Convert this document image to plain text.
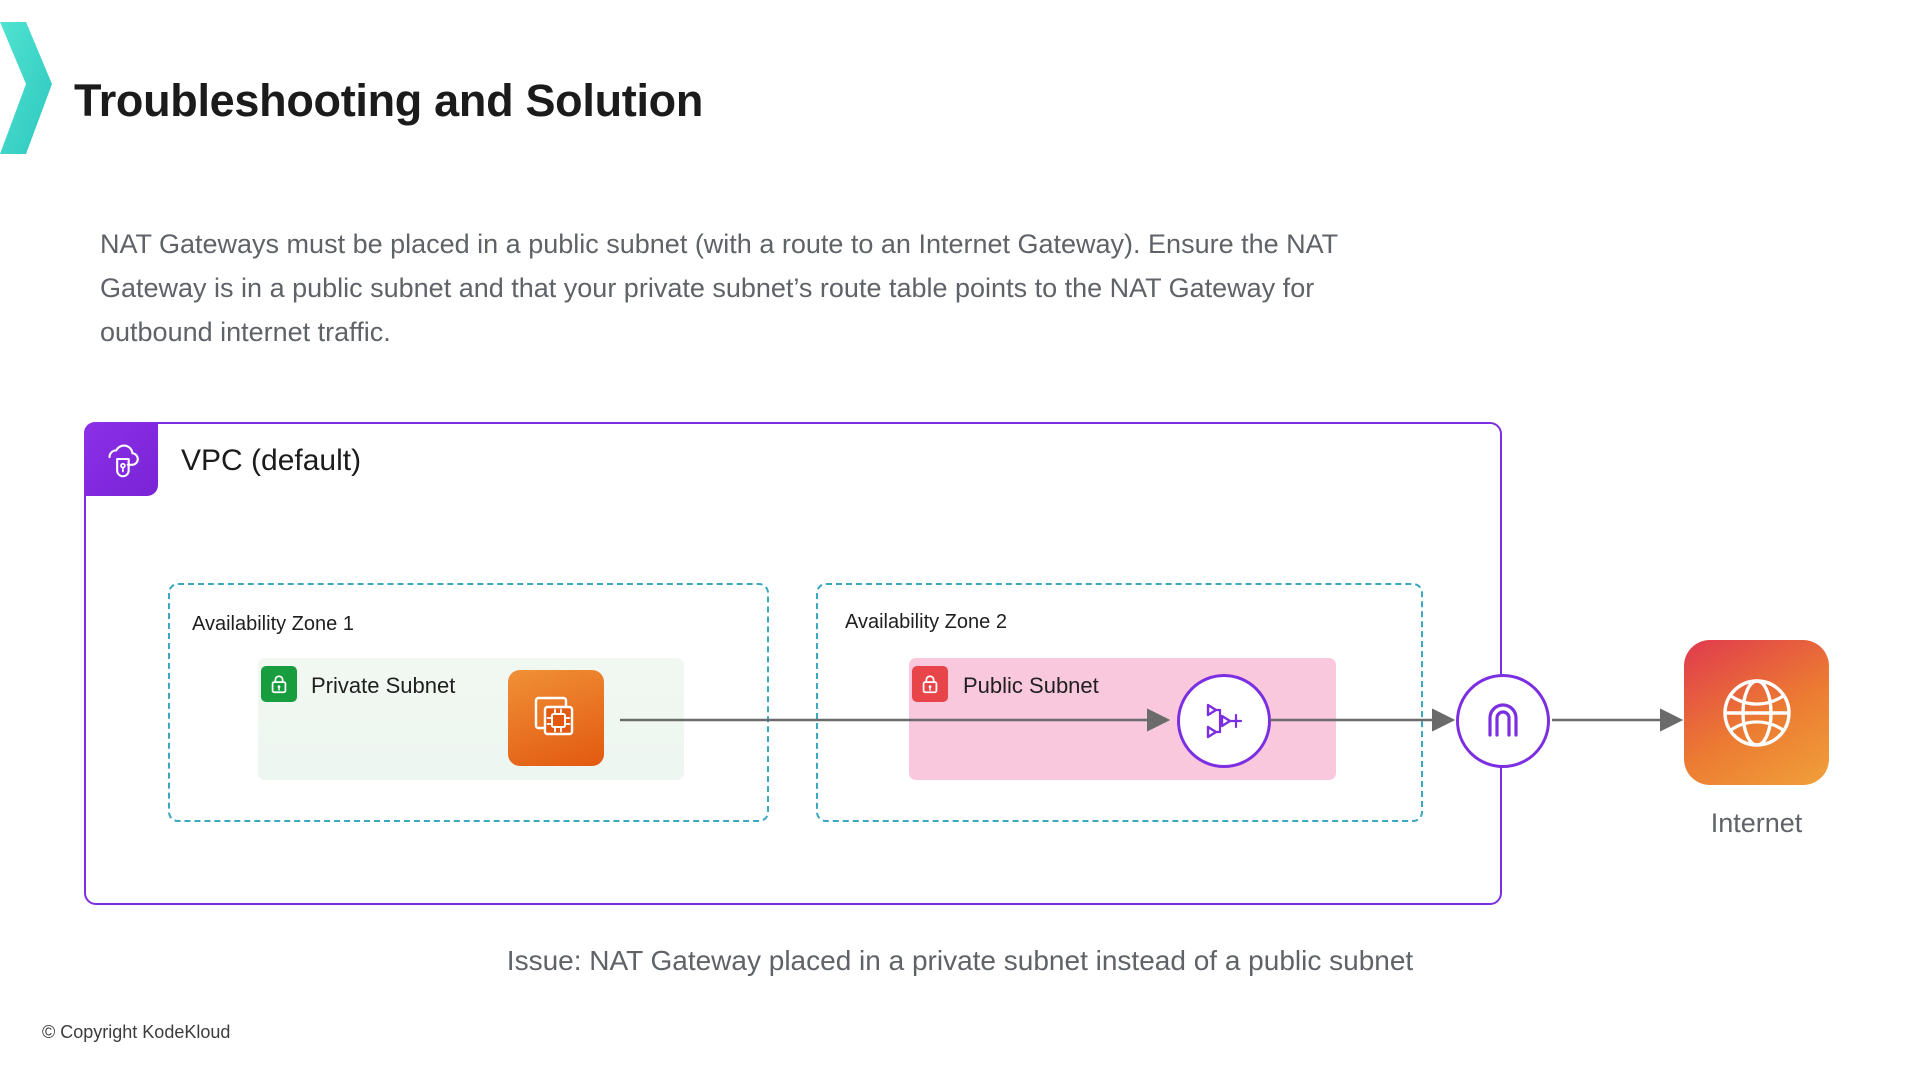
Troubleshooting and Solution
NAT Gateways must be placed in a public subnet (with a route to an Internet Gateway). Ensure the NAT Gateway is in a public subnet and that your private subnet’s route table points to the NAT Gateway for outbound internet traffic.
VPC (default)
Availability Zone 1	Availability Zone 2
Private Subnet	Public Subnet
Internet
Issue: NAT Gateway placed in a private subnet instead of a public subnet
© Copyright KodeKloud
